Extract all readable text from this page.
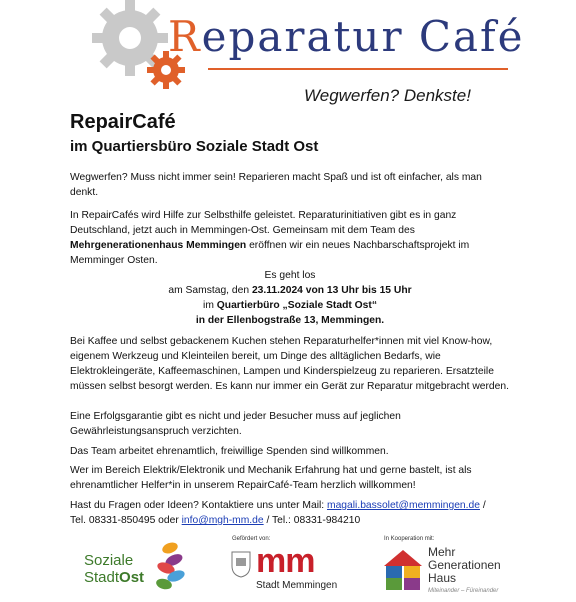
Reparatur Café
Wegwerfen? Denkste!
RepairCafé
im Quartiersbüro Soziale Stadt Ost
Wegwerfen? Muss nicht immer sein! Reparieren macht Spaß und ist oft einfacher, als man denkt.
In RepairCafés wird Hilfe zur Selbsthilfe geleistet. Reparaturinitiativen gibt es in ganz Deutschland, jetzt auch in Memmingen-Ost. Gemeinsam mit dem Team des Mehrgenerationenhaus Memmingen eröffnen wir ein neues Nachbarschaftsprojekt im Memminger Osten.
Es geht los
am Samstag, den 23.11.2024 von 13 Uhr bis 15 Uhr
im Quartierbüro „Soziale Stadt Ost“
in der Ellenbogstraße 13, Memmingen.
Bei Kaffee und selbst gebackenem Kuchen stehen Reparaturhelfer*innen mit viel Know-how, eigenem Werkzeug und Kleinteilen bereit, um Dinge des alltäglichen Bedarfs, wie Elektrokleingeräte, Kaffeemaschinen, Lampen und Kinderspielzeug zu reparieren. Ersatzteile müssen selbst besorgt werden. Es kann nur immer ein Gerät zur Reparatur mitgebracht werden.
Eine Erfolgsgarantie gibt es nicht und jeder Besucher muss auf jeglichen Gewährleistungsanspruch verzichten.
Das Team arbeitet ehrenamtlich, freiwillige Spenden sind willkommen.
Wer im Bereich Elektrik/Elektronik und Mechanik Erfahrung hat und gerne bastelt, ist als ehrenamtlicher Helfer*in in unserem RepairCafé-Team herzlich willkommen!
Hast du Fragen oder Ideen? Kontaktiere uns unter Mail: magali.bassolet@memmingen.de /
Tel. 08331-850495 oder info@mgh-mm.de / Tel.: 08331-984210
Soziale
StadtOst
Gefördert von:
mm
Stadt Memmingen
In Kooperation mit:
Mehr
Generationen
Haus
Miteinander – Füreinander
